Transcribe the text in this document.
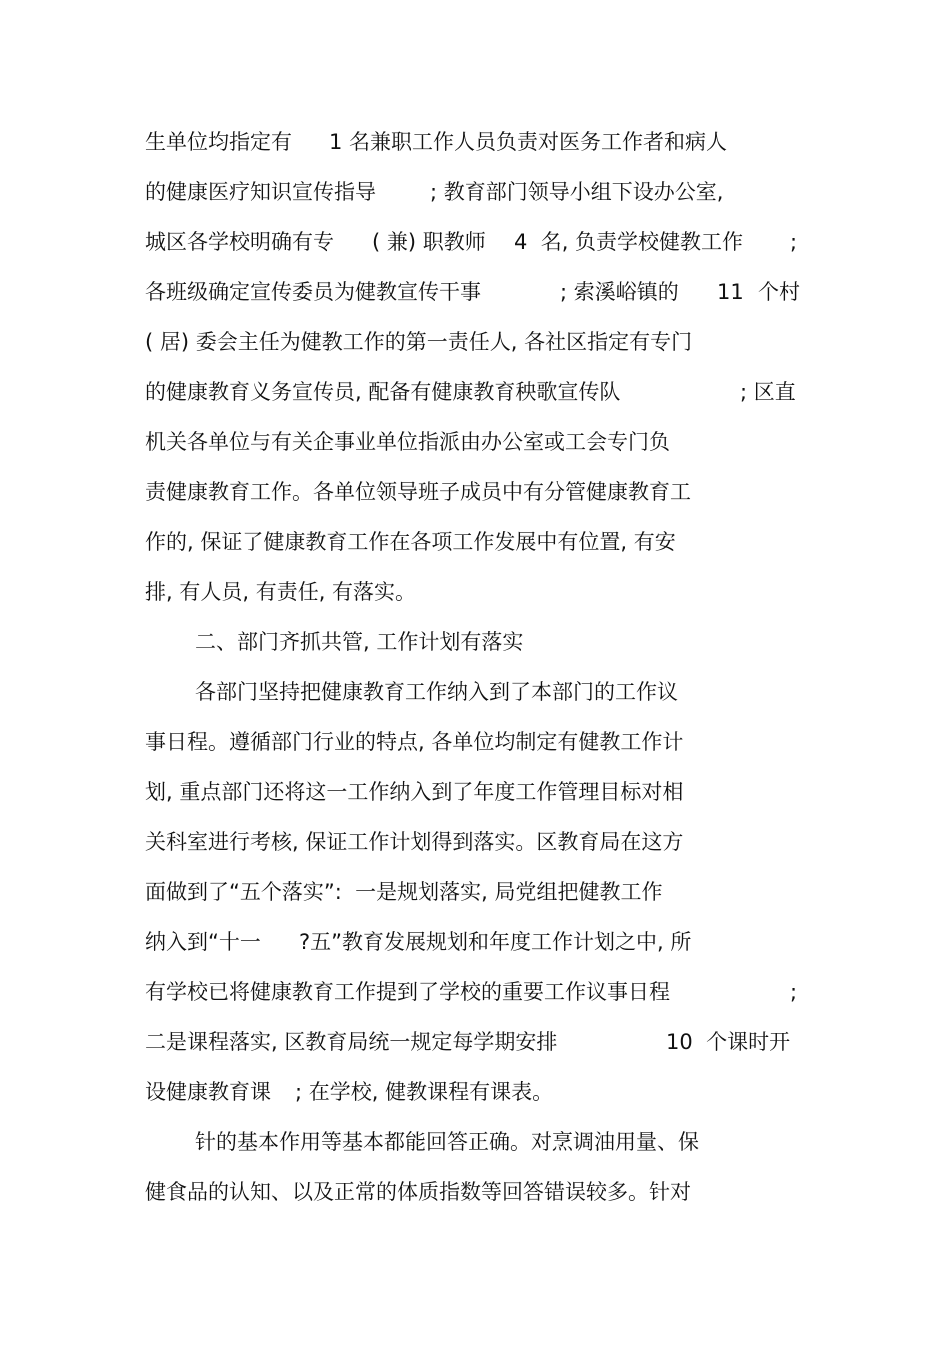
生单位均指定有

1 名兼职工作人员负责对医务工作者和病人

的健康医疗知识宣传指导

	; 教育部门领导小组下设办公室,

城区各学校明确有专

( 兼) 职教师

4  名, 负责学校健教工作

;

各班级确定宣传委员为健教宣传干事

	; 索溪峪镇的

11

个村

( 居) 委会主任为健教工作的第一责任人, 各社区指定有专门

的健康教育义务宣传员, 配备有健康教育秧歌宣传队

	; 区直

机关各单位与有关企事业单位指派由办公室或工会专门负

责健康教育工作。各单位领导班子成员中有分管健康教育工

作的, 保证了健康教育工作在各项工作发展中有位置, 有安

排, 有人员, 有责任, 有落实。

二、部门齐抓共管, 工作计划有落实

各部门坚持把健康教育工作纳入到了本部门的工作议

事日程。遵循部门行业的特点, 各单位均制定有健教工作计

划, 重点部门还将这一工作纳入到了年度工作管理目标对相

关科室进行考核, 保证工作计划得到落实。区教育局在这方

面做到了“五个落实”:  一是规划落实, 局党组把健教工作

纳入到“十一

?五”教育发展规划和年度工作计划之中, 所

有学校已将健康教育工作提到了学校的重要工作议事日程

	;

二是课程落实, 区教育局统一规定每学期安排

	10  个课时开

设健康教育课

; 在学校, 健教课程有课表。

针的基本作用等基本都能回答正确。对烹调油用量、保

健食品的认知、以及正常的体质指数等回答错误较多。针对
